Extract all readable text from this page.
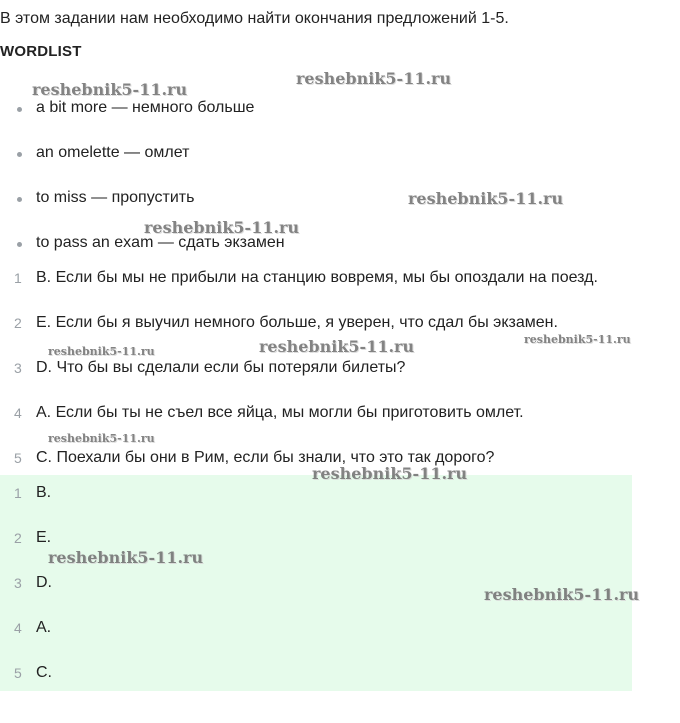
В этом задании нам необходимо найти окончания предложений 1-5.
WORDLIST
a bit more — немного больше
an omelette — омлет
to miss — пропустить
to pass an exam — сдать экзамен
1 B. Если бы мы не прибыли на станцию вовремя, мы бы опоздали на поезд.
2 E. Если бы я выучил немного больше, я уверен, что сдал бы экзамен.
3 D. Что бы вы сделали если бы потеряли билеты?
4 A. Если бы ты не съел все яйца, мы могли бы приготовить омлет.
5 C. Поехали бы они в Рим, если бы знали, что это так дорого?
1 B.
2 E.
3 D.
4 A.
5 C.
reshebnik5-11.ru
reshebnik5-11.ru
reshebnik5-11.ru
reshebnik5-11.ru
reshebnik5-11.ru	reshebnik5-11.ru	reshebnik5-11.ru
reshebnik5-11.ru
reshebnik5-11.ru
reshebnik5-11.ru
reshebnik5-11.ru
